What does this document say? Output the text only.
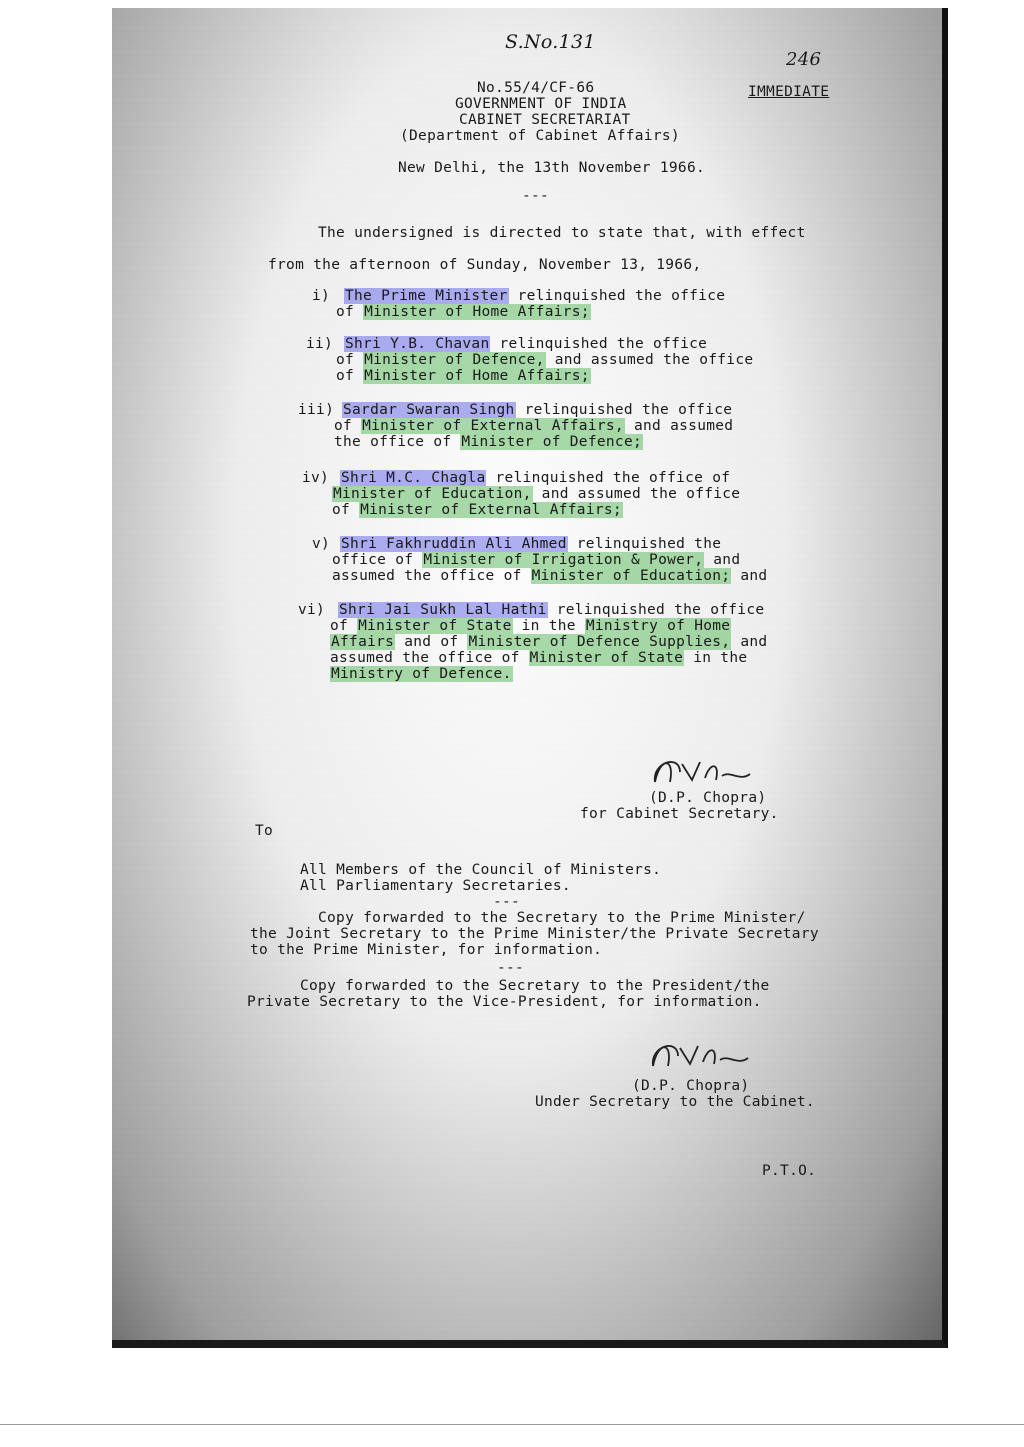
S.No.131
246
No.55/4/CF-66	IMMEDIATE
GOVERNMENT OF INDIA
CABINET SECRETARIAT
(Department of Cabinet Affairs)
New Delhi, the 13th November 1966.
---
The undersigned is directed to state that, with effect
from the afternoon of Sunday, November 13, 1966,
i) The Prime Minister relinquished the office
of Minister of Home Affairs;
ii) Shri Y.B. Chavan relinquished the office
of Minister of Defence, and assumed the office
of Minister of Home Affairs;
iii) Sardar Swaran Singh relinquished the office
of Minister of External Affairs, and assumed
the office of Minister of Defence;
iv) Shri M.C. Chagla relinquished the office of
Minister of Education, and assumed the office
of Minister of External Affairs;
v) Shri Fakhruddin Ali Ahmed relinquished the
office of Minister of Irrigation & Power, and
assumed the office of Minister of Education; and
vi) Shri Jai Sukh Lal Hathi relinquished the office
of Minister of State in the Ministry of Home
Affairs and of Minister of Defence Supplies, and
assumed the office of Minister of State in the
Ministry of Defence.
(D.P. Chopra)
for Cabinet Secretary.
To
All Members of the Council of Ministers.
All Parliamentary Secretaries.
---
Copy forwarded to the Secretary to the Prime Minister/
the Joint Secretary to the Prime Minister/the Private Secretary
to the Prime Minister, for information.
---
Copy forwarded to the Secretary to the President/the
Private Secretary to the Vice-President, for information.
(D.P. Chopra)
Under Secretary to the Cabinet.
P.T.O.
